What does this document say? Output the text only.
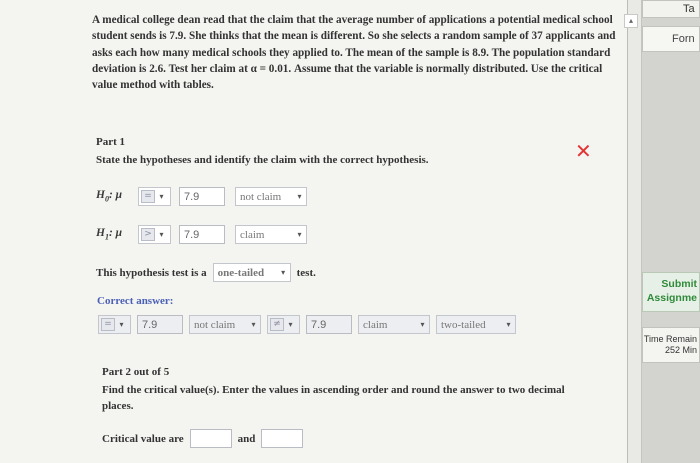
▴
A medical college dean read that the claim that the average number of applications a potential medical school student sends is 7.9. She thinks that the mean is different. So she selects a random sample of 37 applicants and asks each how many medical schools they applied to. The mean of the sample is 8.9. The population standard deviation is 2.6. Test her claim at α = 0.01. Assume that the variable is normally distributed. Use the critical value method with tables.
Part 1
State the hypotheses and identify the claim with the correct hypothesis.	✕
$H_0$: μ	= ▾	7.9	not claim	▾
$H_1$: μ	> ▾	7.9	claim	▾
This hypothesis test is a	one-tailed	▾	test.
Correct answer:
= ▾	7.9	not claim	▾	≠ ▾	7.9	claim	▾	two-tailed	▾
Part 2 out of 5
Find the critical value(s). Enter the values in ascending order and round the answer to two decimal places.
Critical value are	and
Ta
Forn
Submit
Assignme
Time Remain
252 Min
